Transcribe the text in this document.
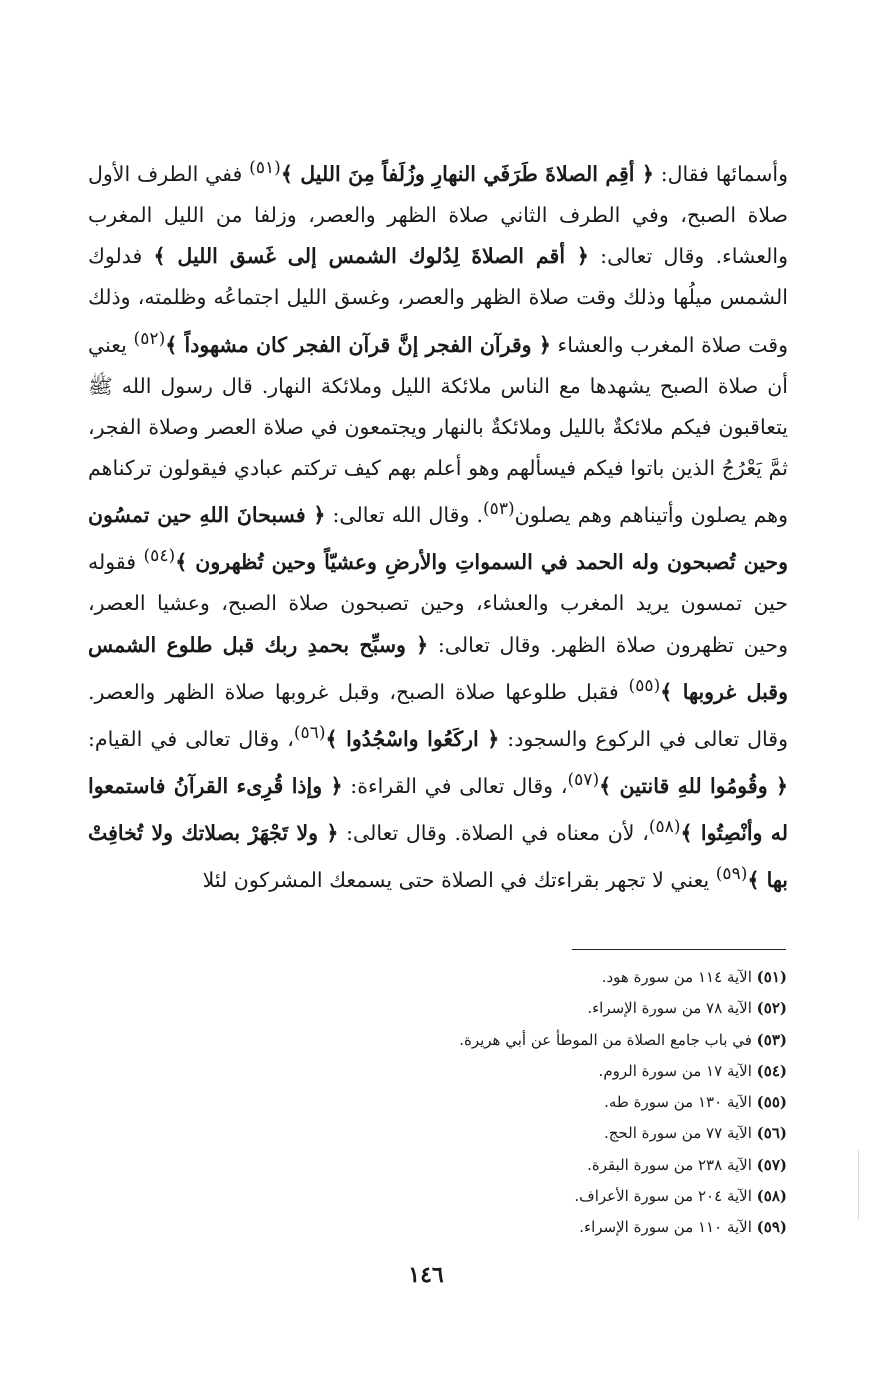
وأسمائها فقال: ﴿ أقِم الصلاةَ طَرَفَي النهارِ وزُلَفاً مِنَ الليل ﴾$^{(٥١)}$ ففي الطرف الأول صلاة الصبح، وفي الطرف الثاني صلاة الظهر والعصر، وزلفا من الليل المغرب والعشاء. وقال تعالى: ﴿ أقم الصلاةَ لِدُلوك الشمس إلى غَسق الليل ﴾ فدلوك الشمس ميلُها وذلك وقت صلاة الظهر والعصر، وغسق الليل اجتماعُه وظلمته، وذلك وقت صلاة المغرب والعشاء ﴿ وقرآن الفجر إنَّ قرآن الفجر كان مشهوداً ﴾$^{(٥٢)}$ يعني أن صلاة الصبح يشهدها مع الناس ملائكة الليل وملائكة النهار. قال رسول الله ﷺ يتعاقبون فيكم ملائكةٌ بالليل وملائكةٌ بالنهار ويجتمعون في صلاة العصر وصلاة الفجر، ثمَّ يَعْرُجُ الذين باتوا فيكم فيسألهم وهو أعلم بهم كيف تركتم عبادي فيقولون تركناهم وهم يصلون وأتيناهم وهم يصلون$^{(٥٣)}$. وقال الله تعالى: ﴿ فسبحانَ اللهِ حين تمسُون وحين تُصبحون وله الحمد في السمواتِ والأرضِ وعشيّاً وحين تُظهرون ﴾$^{(٥٤)}$ فقوله حين تمسون يريد المغرب والعشاء، وحين تصبحون صلاة الصبح، وعشيا العصر، وحين تظهرون صلاة الظهر. وقال تعالى: ﴿ وسبِّح بحمدِ ربك قبل طلوع الشمس وقبل غروبها ﴾$^{(٥٥)}$ فقبل طلوعها صلاة الصبح، وقبل غروبها صلاة الظهر والعصر. وقال تعالى في الركوع والسجود: ﴿ اركَعُوا واسْجُدُوا ﴾$^{(٥٦)}$، وقال تعالى في القيام: ﴿ وقُومُوا للهِ قانتين ﴾$^{(٥٧)}$، وقال تعالى في القراءة: ﴿ وإذا قُرِىء القرآنُ فاستمعوا له وأنْصِتُوا ﴾$^{(٥٨)}$، لأن معناه في الصلاة. وقال تعالى: ﴿ ولا تَجْهَرْ بصلاتك ولا تُخافِتْ بها ﴾$^{(٥٩)}$ يعني لا تجهر بقراءتك في الصلاة حتى يسمعك المشركون لئلا
(٥١) الآية ١١٤ من سورة هود.
(٥٢) الآية ٧٨ من سورة الإسراء.
(٥٣) في باب جامع الصلاة من الموطأ عن أبي هريرة.
(٥٤) الآية ١٧ من سورة الروم.
(٥٥) الآية ١٣٠ من سورة طه.
(٥٦) الآية ٧٧ من سورة الحج.
(٥٧) الآية ٢٣٨ من سورة البقرة.
(٥٨) الآية ٢٠٤ من سورة الأعراف.
(٥٩) الآية ١١٠ من سورة الإسراء.
١٤٦
